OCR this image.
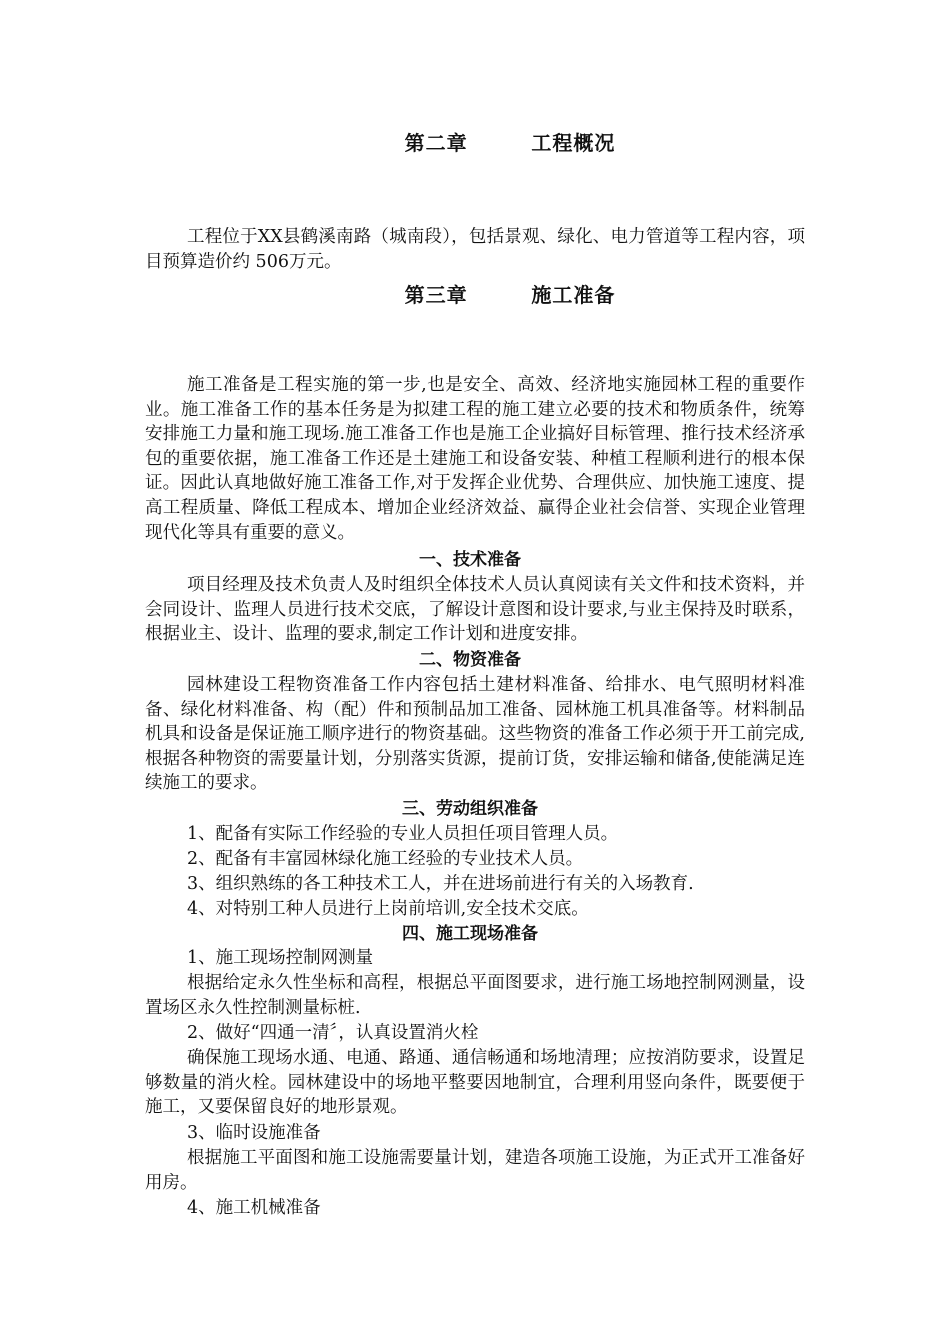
第二章        工程概况
工程位于XX县鹤溪南路（城南段），包括景观、绿化、电力管道等工程内容，项目预算造价约 506万元。
第三章        施工准备
施工准备是工程实施的第一步,也是安全、高效、经济地实施园林工程的重要作业。施工准备工作的基本任务是为拟建工程的施工建立必要的技术和物质条件，统筹安排施工力量和施工现场.施工准备工作也是施工企业搞好目标管理、推行技术经济承包的重要依据，施工准备工作还是土建施工和设备安装、种植工程顺利进行的根本保证。因此认真地做好施工准备工作,对于发挥企业优势、合理供应、加快施工速度、提高工程质量、降低工程成本、增加企业经济效益、赢得企业社会信誉、实现企业管理现代化等具有重要的意义。
一、技术准备
项目经理及技术负责人及时组织全体技术人员认真阅读有关文件和技术资料，并会同设计、监理人员进行技术交底，了解设计意图和设计要求,与业主保持及时联系，根据业主、设计、监理的要求,制定工作计划和进度安排。
二、物资准备
园林建设工程物资准备工作内容包括土建材料准备、给排水、电气照明材料准备、绿化材料准备、构（配）件和预制品加工准备、园林施工机具准备等。材料制品机具和设备是保证施工顺序进行的物资基础。这些物资的准备工作必须于开工前完成,根据各种物资的需要量计划，分别落实货源，提前订货，安排运输和储备,使能满足连续施工的要求。
三、劳动组织准备
1、配备有实际工作经验的专业人员担任项目管理人员。
2、配备有丰富园林绿化施工经验的专业技术人员。
3、组织熟练的各工种技术工人，并在进场前进行有关的入场教育.
4、对特别工种人员进行上岗前培训,安全技术交底。
四、施工现场准备
1、施工现场控制网测量
根据给定永久性坐标和高程，根据总平面图要求，进行施工场地控制网测量，设置场区永久性控制测量标桩.
2、做好“四通一清〞，认真设置消火栓
确保施工现场水通、电通、路通、通信畅通和场地清理；应按消防要求，设置足够数量的消火栓。园林建设中的场地平整要因地制宜，合理利用竖向条件，既要便于施工，又要保留良好的地形景观。
3、临时设施准备
根据施工平面图和施工设施需要量计划，建造各项施工设施，为正式开工准备好用房。
4、施工机械准备
